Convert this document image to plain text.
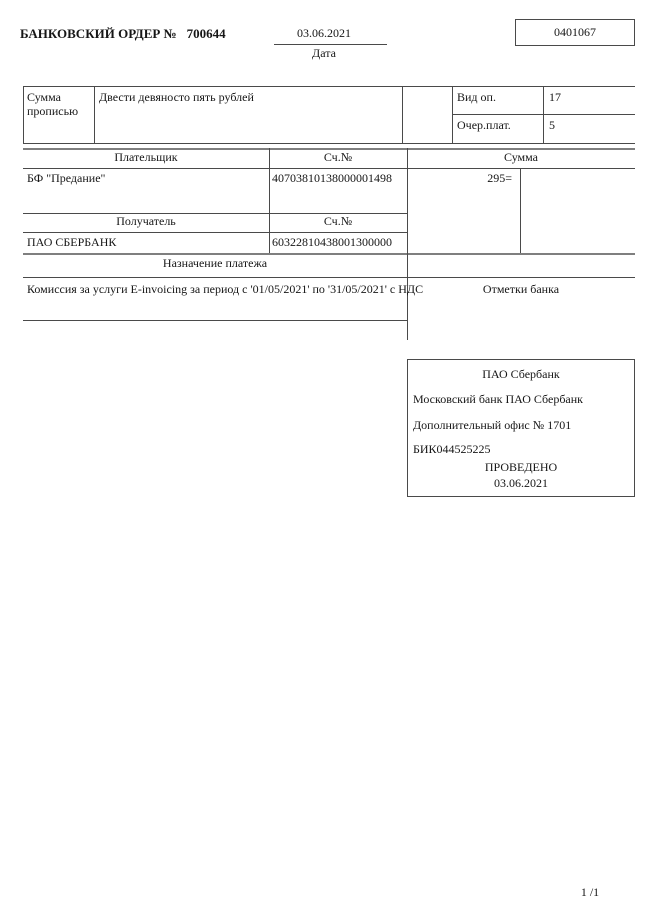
БАНКОВСКИЙ ОРДЕР № 700644	03.06.2021
Дата
0401067
Сумма прописью
Двести девяносто пять рублей	Вид оп.	17
Очер.плат.	5
Плательщик	Сч.№	Сумма
БФ "Предание"	40703810138000001498	295=
Получатель	Сч.№
ПАО СБЕРБАНК	60322810438001300000
Назначение платежа
Комиссия за услуги E-invoicing за период с '01/05/2021' по '31/05/2021' с НДС	Отметки банка
ПАО Сбербанк
Московский банк ПАО Сбербанк
Дополнительный офис № 1701
БИК044525225
ПРОВЕДЕНО
03.06.2021
1 /1
